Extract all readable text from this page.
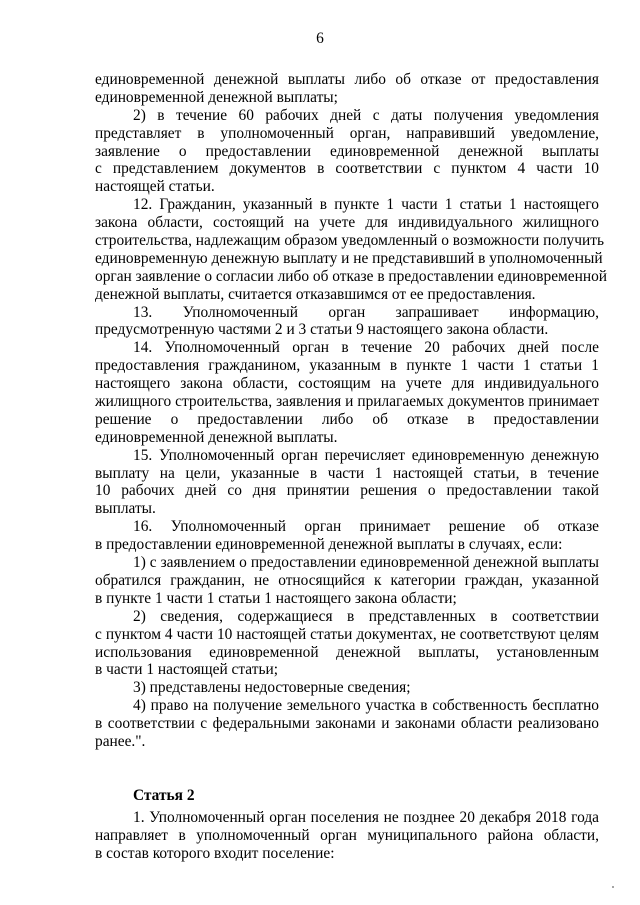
6
единовременной денежной выплаты либо об отказе от предоставления
единовременной денежной выплаты;
2) в течение 60 рабочих дней с даты получения уведомления
представляет в уполномоченный орган, направивший уведомление,
заявление о предоставлении единовременной денежной выплаты
с представлением документов в соответствии с пунктом 4 части 10
настоящей статьи.
12. Гражданин, указанный в пункте 1 части 1 статьи 1 настоящего
закона области, состоящий на учете для индивидуального жилищного
строительства, надлежащим образом уведомленный о возможности получить
единовременную денежную выплату и не представивший в уполномоченный
орган заявление о согласии либо об отказе в предоставлении единовременной
денежной выплаты, считается отказавшимся от ее предоставления.
13. Уполномоченный орган запрашивает информацию,
предусмотренную частями 2 и 3 статьи 9 настоящего закона области.
14. Уполномоченный орган в течение 20 рабочих дней после
предоставления гражданином, указанным в пункте 1 части 1 статьи 1
настоящего закона области, состоящим на учете для индивидуального
жилищного строительства, заявления и прилагаемых документов принимает
решение о предоставлении либо об отказе в предоставлении
единовременной денежной выплаты.
15. Уполномоченный орган перечисляет единовременную денежную
выплату на цели, указанные в части 1 настоящей статьи, в течение
10 рабочих дней со дня принятии решения о предоставлении такой
выплаты.
16. Уполномоченный орган принимает решение об отказе
в предоставлении единовременной денежной выплаты в случаях, если:
1) с заявлением о предоставлении единовременной денежной выплаты
обратился гражданин, не относящийся к категории граждан, указанной
в пункте 1 части 1 статьи 1 настоящего закона области;
2) сведения, содержащиеся в представленных в соответствии
с пунктом 4 части 10 настоящей статьи документах, не соответствуют целям
использования единовременной денежной выплаты, установленным
в части 1 настоящей статьи;
3) представлены недостоверные сведения;
4) право на получение земельного участка в собственность бесплатно
в соответствии с федеральными законами и законами области реализовано
ранее.".
Статья 2
1. Уполномоченный орган поселения не позднее 20 декабря 2018 года
направляет в уполномоченный орган муниципального района области,
в состав которого входит поселение:
